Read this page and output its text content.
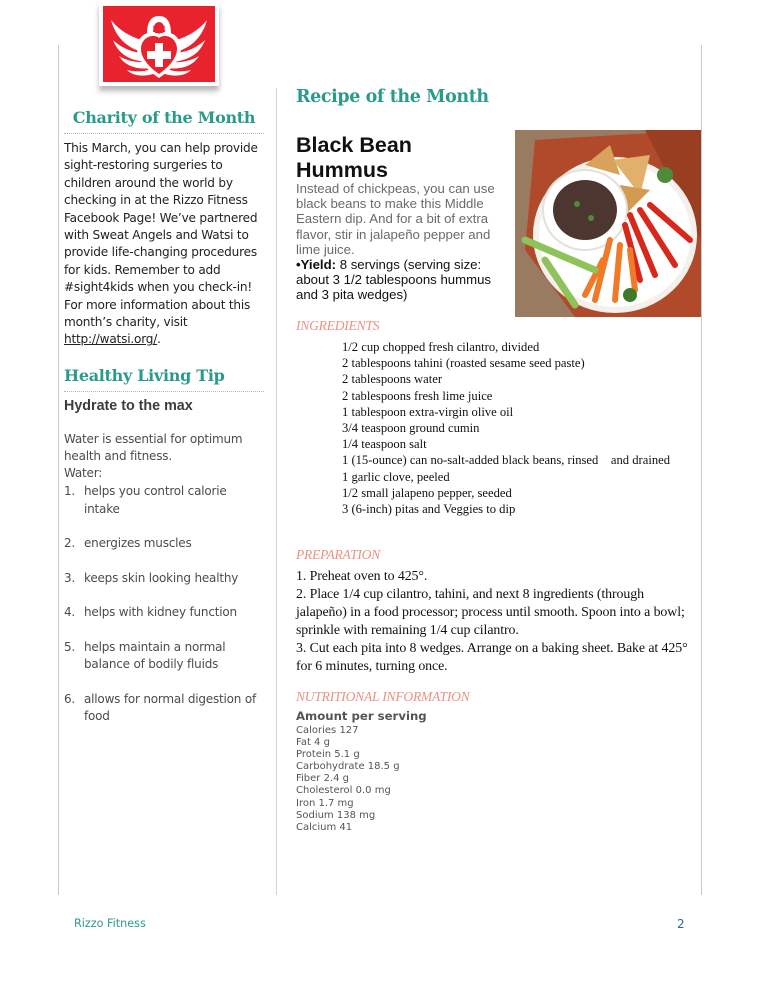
Charity of the Month

This March, you can help provide sight-restoring surgeries to children around the world by checking in at the Rizzo Fitness Facebook Page! We’ve partnered with Sweat Angels and Watsi to provide life-changing procedures for kids. Remember to add #sight4kids when you check-in! For more information about this month’s charity, visit http://watsi.org/.

Healthy Living Tip
Hydrate to the max

Water is essential for optimum health and fitness.
Water:

1. helps you control calorie intake
2. energizes muscles
3. keeps skin looking healthy
4. helps with kidney function
5. helps maintain a normal balance of bodily fluids
6. allows for normal digestion of food
Recipe of the Month
Black Bean
Hummus

Instead of chickpeas, you can use black beans to make this Middle Eastern dip. And for a bit of extra flavor, stir in jalapeño pepper and lime juice.

•Yield: 8 servings (serving size: about 3 1/2 tablespoons hummus and 3 pita wedges)

INGREDIENTS
1/2 cup chopped fresh cilantro, divided
2 tablespoons tahini (roasted sesame seed paste)
2 tablespoons water
2 tablespoons fresh lime juice
1 tablespoon extra-virgin olive oil
3/4 teaspoon ground cumin
1/4 teaspoon salt
1 (15-ounce) can no-salt-added black beans, rinsed    and drained
1 garlic clove, peeled
1/2 small jalapeno pepper, seeded
3 (6-inch) pitas and Veggies to dip
PREPARATION
1. Preheat oven to 425°.
2. Place 1/4 cup cilantro, tahini, and next 8 ingredients (through jalapeño) in a food processor; process until smooth. Spoon into a bowl; sprinkle with remaining 1/4 cup cilantro.
3. Cut each pita into 8 wedges. Arrange on a baking sheet. Bake at 425° for 6 minutes, turning once.
NUTRITIONAL INFORMATION
Amount per serving
Calories 127
Fat 4 g
Protein 5.1 g
Carbohydrate 18.5 g
Fiber 2.4 g
Cholesterol 0.0 mg
Iron 1.7 mg
Sodium 138 mg
Calcium 41
Rizzo Fitness	2
